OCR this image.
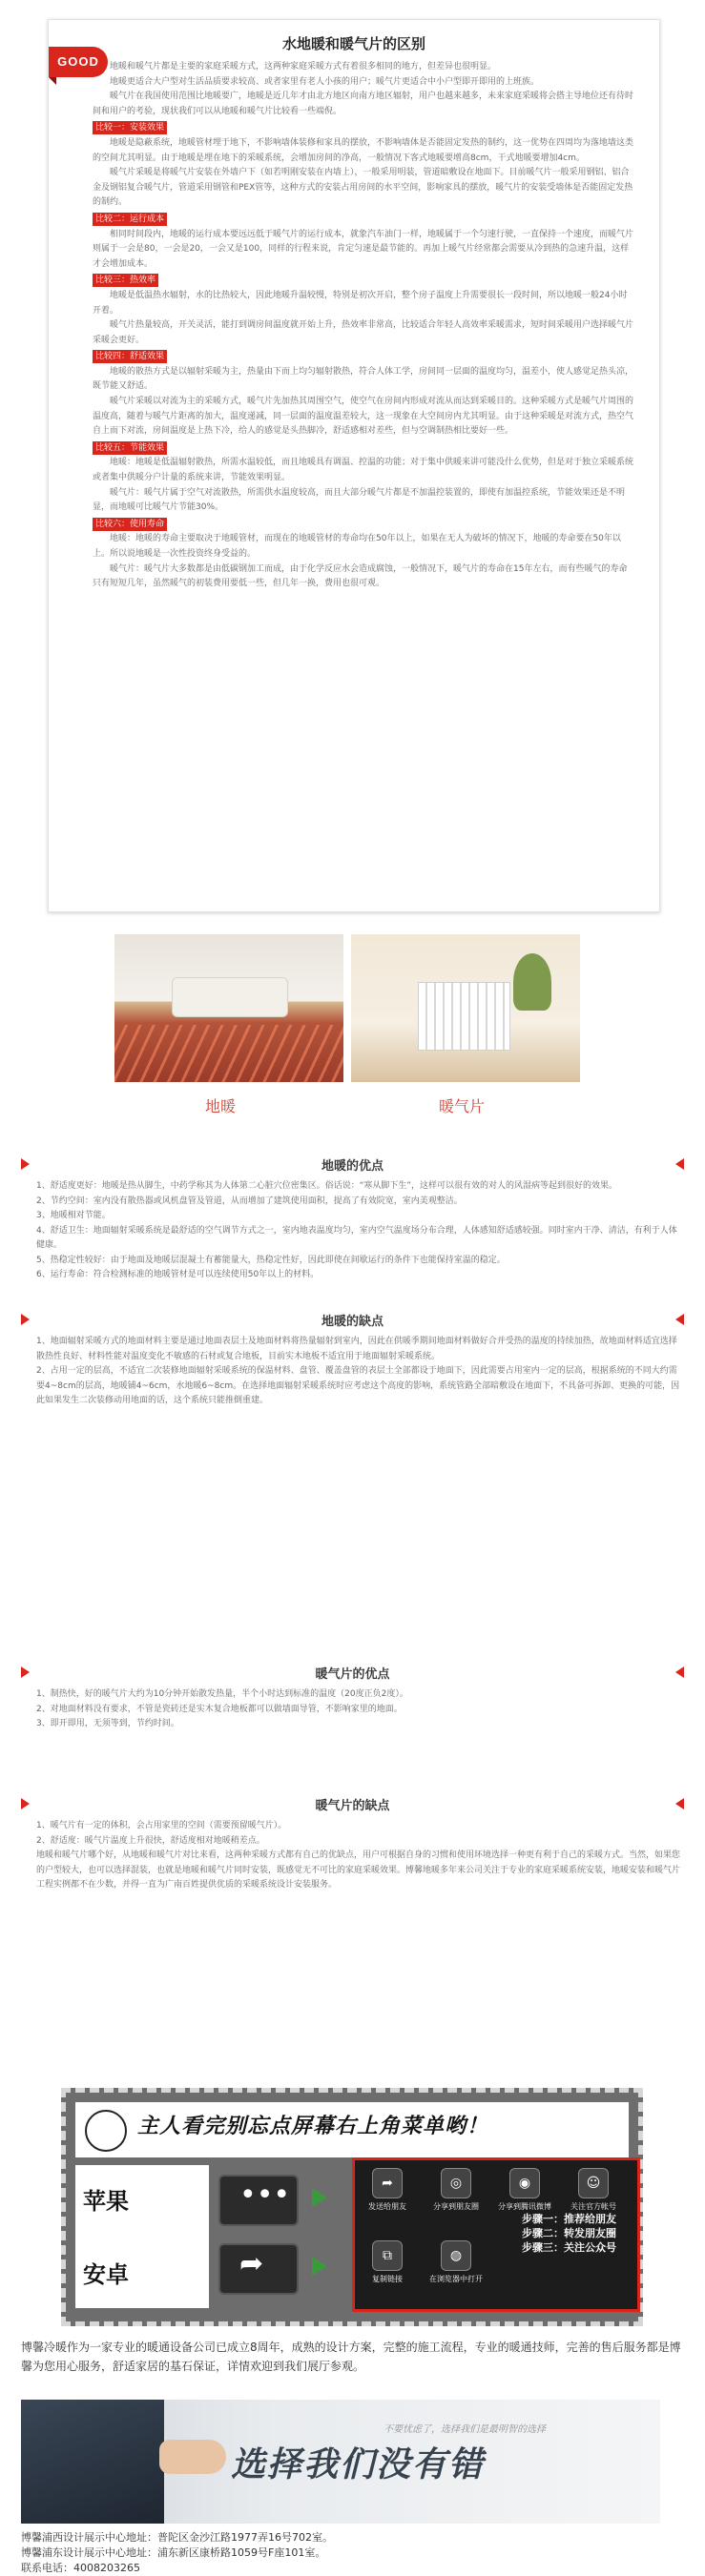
GOOD
水地暖和暖气片的区别

地暖和暖气片都是主要的家庭采暖方式，这两种家庭采暖方式有着很多相同的地方，但差异也很明显。

地暖更适合大户型对生活品质要求较高、或者家里有老人小孩的用户；暖气片更适合中小户型即开即用的上班族。

暖气片在我国使用范围比地暖要广，地暖是近几年才由北方地区向南方地区辐射，用户也越来越多，未来家庭采暖将会搭主导地位还有待时间和用户的考验，现状我们可以从地暖和暖气片比较看一些端倪。

比较一：安装效果

地暖是隐蔽系统，地暖管材埋于地下，不影响墙体装修和家具的摆放，不影响墙体是否能固定发热的制约，这一优势在四周均为落地墙这类的空间尤其明显。由于地暖是埋在地下的采暖系统，会增加房间的净高，一般情况下客式地暖要增高8cm，干式地暖要增加4cm。

暖气片采暖是将暖气片安装在外墙户下（如若明刚安装在内墙上），一般采用明装，管道暗敷设在地面下。目前暖气片一般采用钢铝、铝合金及钢铝复合暖气片，管道采用钢管和PEX管等，这种方式的安装占用房间的水平空间，影响家具的摆放，暖气片的安装受墙体是否能固定发热的制约。

比较二：运行成本

相同时间段内，地暖的运行成本要远远低于暖气片的运行成本，就象汽车油门一样，地暖属于一个匀速行驶，一直保持一个速度，而暖气片则属于一会是80，一会是20，一会又是100，同样的行程来说，肯定匀速是最节能的。再加上暖气片经常都会需要从冷到热的急速升温，这样才会增加成本。

比较三：热效率

地暖是低温热水辐射，水的比热较大，因此地暖升温较慢，特别是初次开启，整个房子温度上升需要很长一段时间，所以地暖一般24小时开着。

暖气片热量较高，开关灵活，能打到调房间温度就开始上升，热效率非常高，比较适合年轻人高效率采暖需求，短时间采暖用户选择暖气片采暖会更好。

比较四：舒适效果

地暖的散热方式是以辐射采暖为主，热量由下而上均匀辐射散热，符合人体工学，房间同一层面的温度均匀，温差小，使人感觉足热头凉，既节能又舒适。

暖气片采暖以对流为主的采暖方式，暖气片先加热其周围空气，使空气在房间内形成对流从而达到采暖目的。这种采暖方式是暖气片周围的温度高，随着与暖气片距离的加大，温度递减，同一层面的温度温差较大，这一现象在大空间房内尤其明显。由于这种采暖是对流方式，热空气自上而下对流，房间温度是上热下冷，给人的感觉是头热脚冷，舒适感相对差些，但与空调制热相比要好一些。

比较五：节能效果

地暖：地暖是低温辐射散热，所需水温较低，而且地暖具有调温、控温的功能；对于集中供暖来讲可能没什么优势，但是对于独立采暖系统或者集中供暖分户计量的系统来讲，节能效果明显。

暖气片：暖气片属于空气对流散热，所需供水温度较高，而且大部分暖气片都是不加温控装置的，即使有加温控系统，节能效果还是不明显，而地暖可比暖气片节能30%。

比较六：使用寿命

地暖：地暖的寿命主要取决于地暖管材，而现在的地暖管材的寿命均在50年以上，如果在无人为破坏的情况下，地暖的寿命要在50年以上。所以说地暖是一次性投资终身受益的。

暖气片：暖气片大多数都是由低碳钢加工而成，由于化学反应水会造成腐蚀，一般情况下，暖气片的寿命在15年左右，而有些暖气的寿命只有短短几年，虽然暖气的初装费用要低一些，但几年一换，费用也很可观。

地暖	暖气片
地暖的优点

1、舒适度更好：地暖是热从脚生，中药学称其为人体第二心脏穴位密集区。俗话说：“寒从脚下生”，这样可以很有效的对人的风湿病等起到很好的效果。

2、节约空间：室内没有散热器或风机盘管及管道，从而增加了建筑使用面积，提高了有效院宽，室内美观整洁。

3、地暖相对节能。

4、舒适卫生：地面辐射采暖系统是最舒适的空气调节方式之一，室内地表温度均匀，室内空气温度场分布合理，人体感知舒适感较强。同时室内干净、清洁，有利于人体健康。

5、热稳定性较好：由于地面及地暖层混凝土有蓄能量大，热稳定性好，因此即使在间歇运行的条件下也能保持室温的稳定。

6、运行寿命：符合检测标准的地暖管材是可以连续使用50年以上的材料。

地暖的缺点

1、地面辐射采暖方式的地面材料主要是通过地面表层土及地面材料将热量辐射到室内，因此在供暖季期间地面材料做好合并受热的温度的持续加热，故地面材料适宜选择散热性良好、材料性能对温度变化不敏感的石材或复合地板，目前实木地板不适宜用于地面辐射采暖系统。

2、占用一定的层高，不适宜二次装修地面辐射采暖系统的保温材料、盘管、覆盖盘管的表层土全部都设于地面下，因此需要占用室内一定的层高，根据系统的不同大约需要4~8cm的层高，地暖铺4~6cm，水地暖6~8cm。在选择地面辐射采暖系统时应考虑这个高度的影响，系统管路全部暗敷设在地面下，不具备可拆卸、更换的可能，因此如果发生二次装修动用地面的话，这个系统只能推倒重建。

暖气片的优点

1、制热快，好的暖气片大约为10分钟开始散发热量，半个小时达到标准的温度（20度正负2度）。

2、对地面材料没有要求，不管是瓷砖还是实木复合地板都可以做墙面导管，不影响家里的地面。

3、即开即用，无须等到，节约时间。

暖气片的缺点

1、暖气片有一定的体积，会占用家里的空间（需要预留暖气片）。

2、舒适度：暖气片温度上升很快，舒适度相对地暖稍差点。

地暖和暖气片哪个好，从地暖和暖气片对比来看，这两种采暖方式都有自己的优缺点，用户可根据自身的习惯和使用环境选择一种更有利于自己的采暖方式。当然，如果您的户型较大，也可以选择混装，也就是地暖和暖气片同时安装，既感觉无不可比的家庭采暖效果。博馨地暖多年来公司关注于专业的家庭采暖系统安装，地暖安装和暖气片工程实例都不在少数，并得一直为广南百姓提供优质的采暖系统设计安装服务。

主人看完别忘点屏幕右上角菜单哟！
苹果
安卓
•••
➦
➦
发送给朋友
◎
分享到朋友圈
◉
分享到腾讯微博
☺
关注官方帐号
⧉
复制链接
◍
在浏览器中打开
步骤一：推荐给朋友
步骤二：转发朋友圈
步骤三：关注公众号
博馨冷暖作为一家专业的暖通设备公司已成立8周年，成熟的设计方案，完整的施工流程，专业的暖通技师，完善的售后服务都是博馨为您用心服务，舒适家居的基石保证，详情欢迎到我们展厅参观。
不要忧虑了，选择我们是最明智的选择
选择我们没有错
博馨浦西设计展示中心地址：普陀区金沙江路1977弄16号702室。
博馨浦东设计展示中心地址：浦东新区康桥路1059号F座101室。
联系电话：4008203265
